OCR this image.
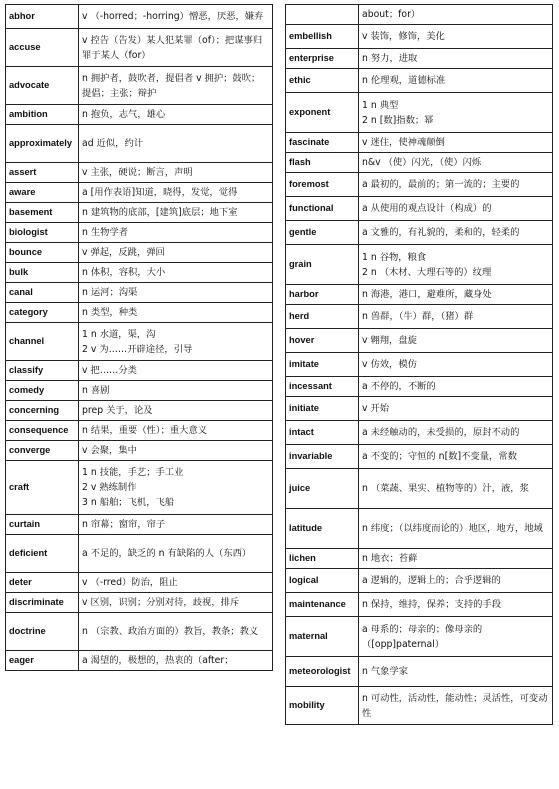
abhor	v （-horred；-horring）憎恶，厌恶，嫌弃

accuse	v 控告（告发）某人犯某罪（of）；把谋事归罪于某人（for）

advocate	n 拥护者，鼓吹者，提倡者 v 拥护；鼓吹；提倡；主张；辩护

ambition	n 抱负，志气，雄心

approximately	ad 近似，约计

assert	v 主张，硬说；断言，声明

aware	a [用作表语]知道，晓得，发觉，觉得

basement	n 建筑物的底部，[建筑]底层；地下室

biologist	n 生物学者

bounce	v 弹起，反跳，弹回

bulk	n 体积，容积，大小

canal	n 运河；沟渠

category	n 类型，种类

channel	1 n 水道，渠，沟
2 v 为……开辟途径，引导

classify	v 把……分类

comedy	n 喜剧

concerning	prep 关于，论及

consequence	n 结果，重要（性）；重大意义

converge	v 会聚，集中

craft	1 n 技能，手艺；手工业
2 v 熟练制作
3 n 船舶；飞机，飞船

curtain	n 帘幕；窗帘，帘子

deficient	a 不足的，缺乏的 n 有缺陷的人（东西）

deter	v （-rred）防治，阻止

discriminate	v 区别，识别；分别对待，歧视，排斥

doctrine	n （宗教、政治方面的）教旨，教条；教义

eager	a 渴望的，极想的，热衷的（after；

	about；for）

embellish	v 装饰，修饰，美化

enterprise	n 努力，进取

ethic	n 伦理观，道德标准

exponent	1 n 典型
2 n [数]指数；幂

fascinate	v 迷住，使神魂颠倒

flash	n&v （使）闪光，（使）闪烁

foremost	a 最初的，最前的；第一流的；主要的

functional	a 从使用的观点设计（构成）的

gentle	a 文雅的，有礼貌的，柔和的，轻柔的

grain	1 n 谷物，粮食
2 n （木材、大理石等的）纹理

harbor	n 海港，港口，避难所，藏身处

herd	n 兽群，（牛）群，（猪）群

hover	v 翱翔，盘旋

imitate	v 仿效，模仿

incessant	a 不停的，不断的

initiate	v 开始

intact	a 未经触动的，未受损的，原封不动的

invariable	a 不变的；守恒的 n[数]不变量，常数

juice	n （菜蔬、果实、植物等的）汁，液，浆

latitude	n 纬度；（以纬度而论的）地区，地方，地域

lichen	n 地衣；苔藓

logical	a 逻辑的，逻辑上的；合乎逻辑的

maintenance	n 保持，维持，保养；支持的手段

maternal	a 母系的；母亲的；像母亲的
（[opp]paternal）

meteorologist	n 气象学家

mobility	n 可动性，活动性，能动性；灵活性，可变动性
